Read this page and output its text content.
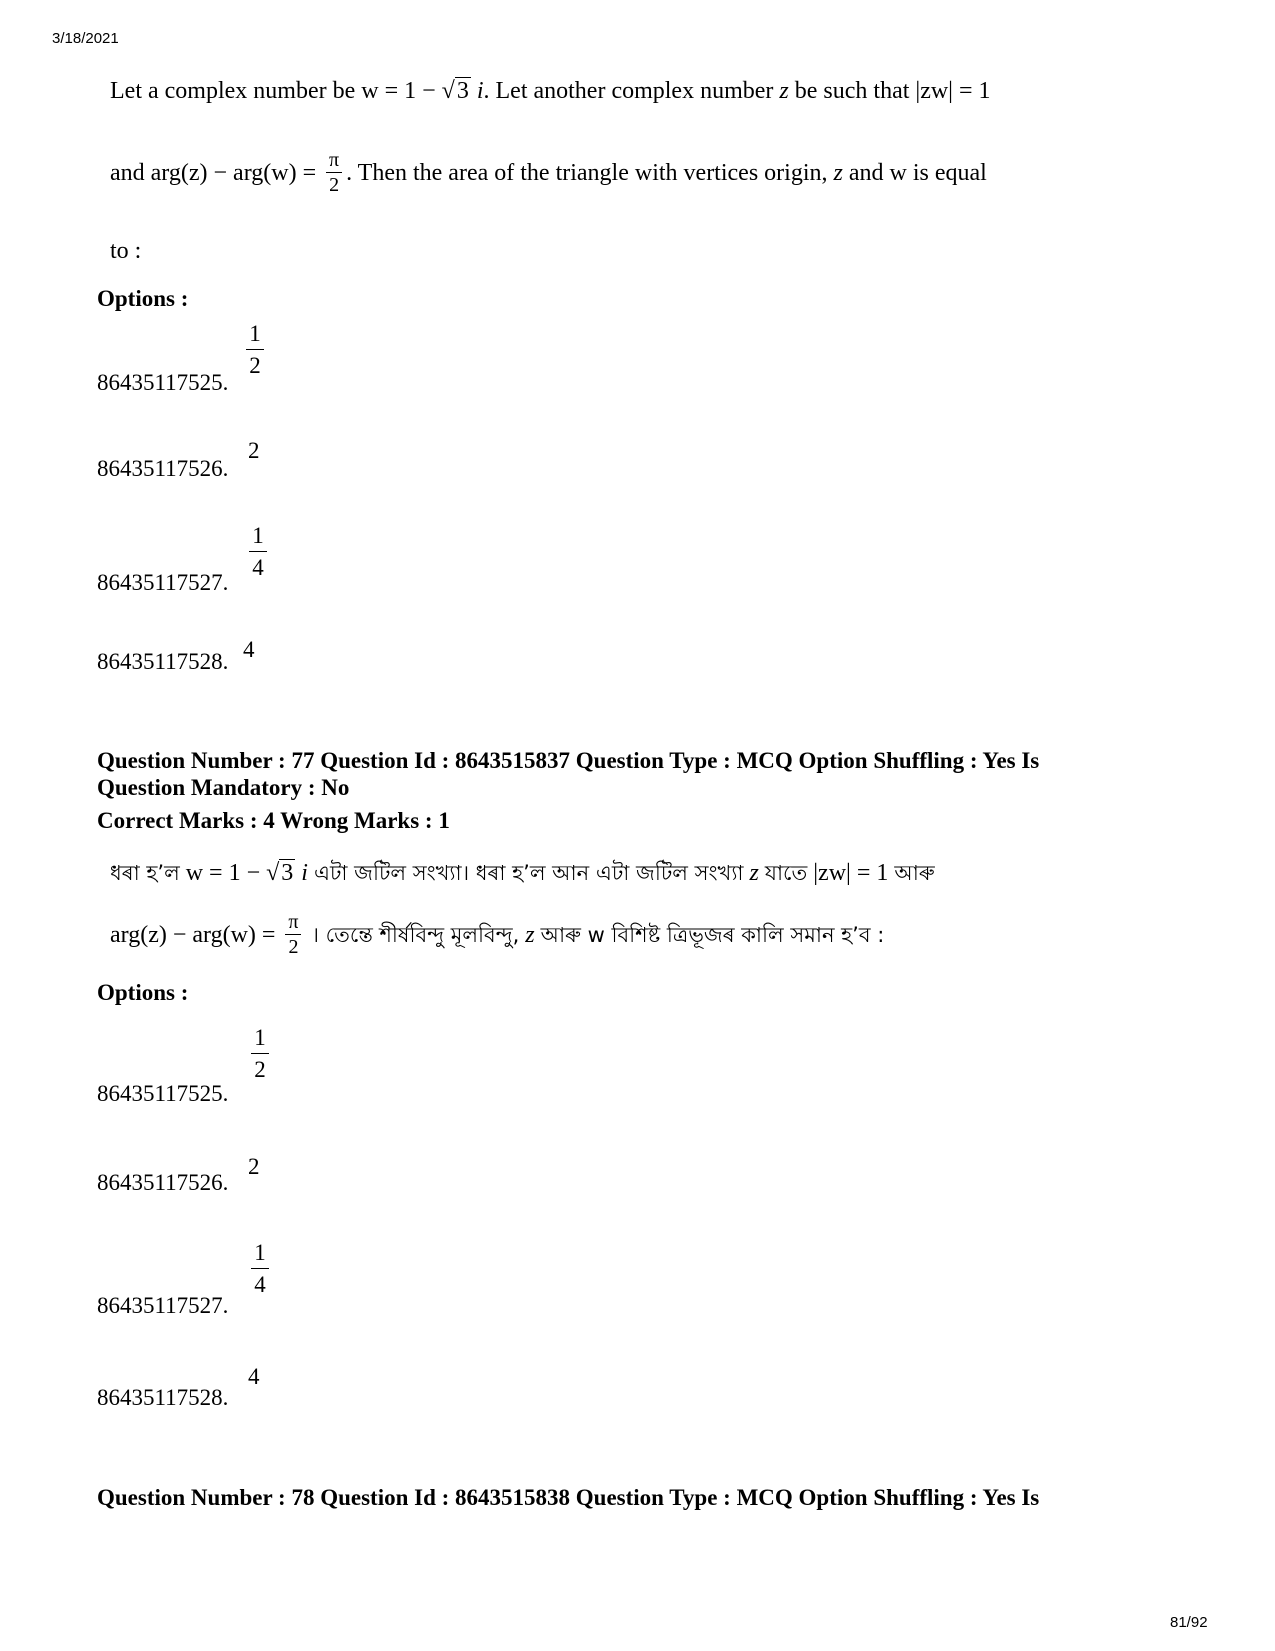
3/18/2021
Let a complex number be w = 1 − √3 i. Let another complex number z be such that |zw| = 1
and $arg(z) - arg(w) = \frac{\pi}{2}$ . Then the area of the triangle with vertices origin, z and w is equal
to :
Options :
86435117525.
1
2
86435117526.
2
86435117527.
1
4
86435117528. 4
Question Number : 77 Question Id : 8643515837 Question Type : MCQ Option Shuffling : Yes Is
Question Mandatory : No
Correct Marks : 4 Wrong Marks : 1
ধৰা হ’ল w = 1 − √3 i এটা জটিল সংখ্যা। ধৰা হ’ল আন এটা জটিল সংখ্যা z যাতে |zw| = 1 আৰু
$arg(z) - arg(w) = \frac{\pi}{2}$ । তেন্তে শীৰ্ষবিন্দু মূলবিন্দু, z আৰু w বিশিষ্ট ত্ৰিভূজৰ কালি সমান হ’ব :
Options :
86435117525.
1
2
86435117526.
2
86435117527.
1
4
86435117528.
4
Question Number : 78 Question Id : 8643515838 Question Type : MCQ Option Shuffling : Yes Is
81/92
